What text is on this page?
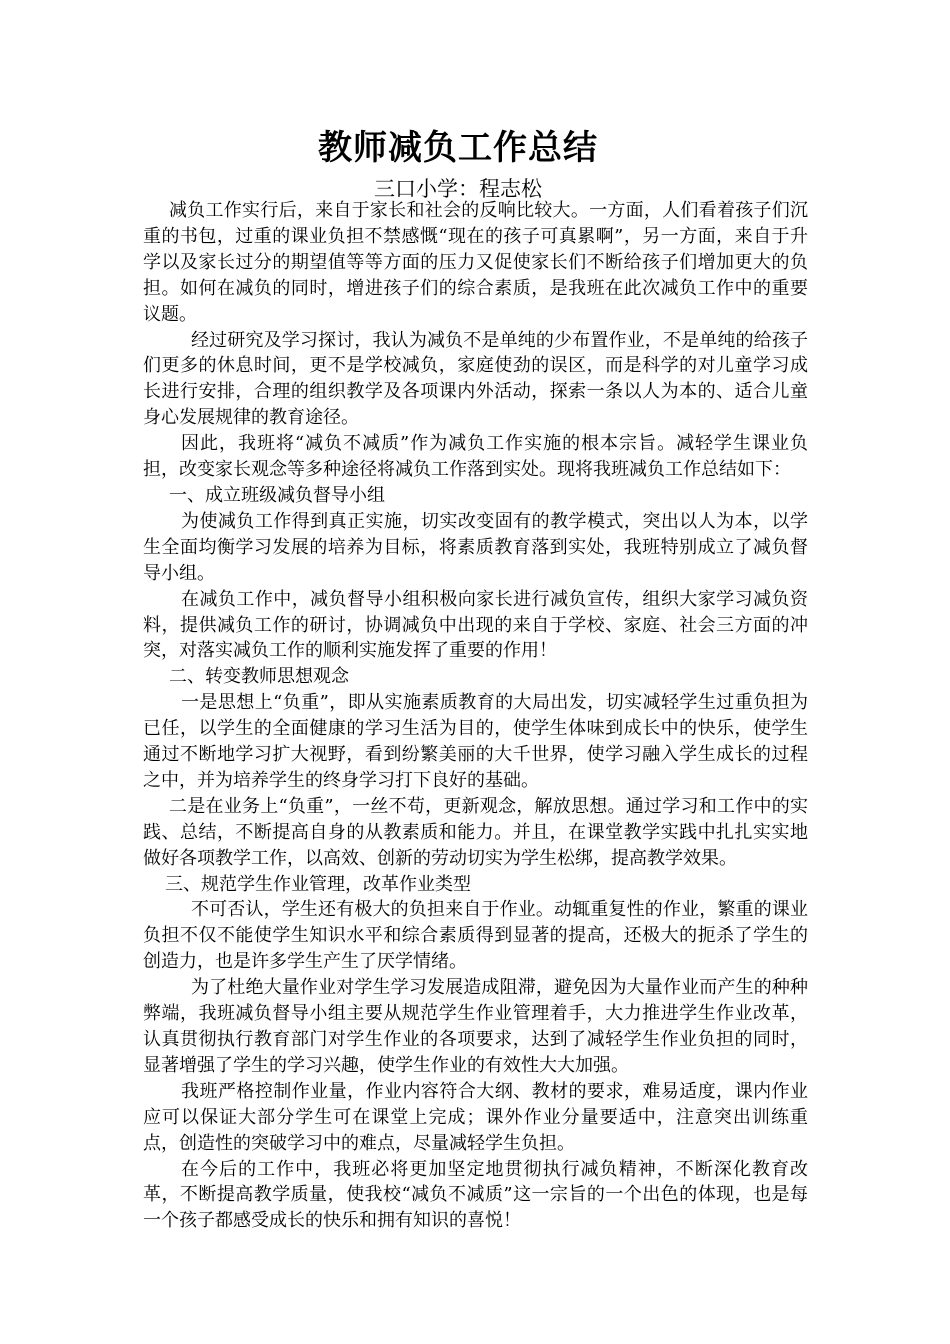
教师减负工作总结
三口小学：程志松

减负工作实行后，来自于家长和社会的反响比较大。一方面，人们看着孩子们沉重的书包，过重的课业负担不禁感慨“现在的孩子可真累啊”，另一方面，来自于升学以及家长过分的期望值等等方面的压力又促使家长们不断给孩子们增加更大的负担。如何在减负的同时，增进孩子们的综合素质，是我班在此次减负工作中的重要议题。

经过研究及学习探讨，我认为减负不是单纯的少布置作业，不是单纯的给孩子们更多的休息时间，更不是学校减负，家庭使劲的误区，而是科学的对儿童学习成长进行安排，合理的组织教学及各项课内外活动，探索一条以人为本的、适合儿童身心发展规律的教育途径。

因此，我班将“减负不减质”作为减负工作实施的根本宗旨。减轻学生课业负担，改变家长观念等多种途径将减负工作落到实处。现将我班减负工作总结如下：

一、成立班级减负督导小组

为使减负工作得到真正实施，切实改变固有的教学模式，突出以人为本，以学生全面均衡学习发展的培养为目标，将素质教育落到实处，我班特别成立了减负督导小组。

在减负工作中，减负督导小组积极向家长进行减负宣传，组织大家学习减负资料，提供减负工作的研讨，协调减负中出现的来自于学校、家庭、社会三方面的冲突，对落实减负工作的顺利实施发挥了重要的作用！

二、转变教师思想观念

一是思想上“负重”，即从实施素质教育的大局出发，切实减轻学生过重负担为已任，以学生的全面健康的学习生活为目的，使学生体味到成长中的快乐，使学生通过不断地学习扩大视野，看到纷繁美丽的大千世界，使学习融入学生成长的过程之中，并为培养学生的终身学习打下良好的基础。

二是在业务上“负重”，一丝不苟，更新观念，解放思想。通过学习和工作中的实践、总结，不断提高自身的从教素质和能力。并且，在课堂教学实践中扎扎实实地做好各项教学工作，以高效、创新的劳动切实为学生松绑，提高教学效果。

三、规范学生作业管理，改革作业类型

不可否认，学生还有极大的负担来自于作业。动辄重复性的作业，繁重的课业负担不仅不能使学生知识水平和综合素质得到显著的提高，还极大的扼杀了学生的创造力，也是许多学生产生了厌学情绪。

为了杜绝大量作业对学生学习发展造成阻滞，避免因为大量作业而产生的种种弊端，我班减负督导小组主要从规范学生作业管理着手，大力推进学生作业改革，认真贯彻执行教育部门对学生作业的各项要求，达到了减轻学生作业负担的同时，显著增强了学生的学习兴趣，使学生作业的有效性大大加强。

我班严格控制作业量，作业内容符合大纲、教材的要求，难易适度，课内作业应可以保证大部分学生可在课堂上完成；课外作业分量要适中，注意突出训练重点，创造性的突破学习中的难点，尽量减轻学生负担。

在今后的工作中，我班必将更加坚定地贯彻执行减负精神，不断深化教育改革，不断提高教学质量，使我校“减负不减质”这一宗旨的一个出色的体现，也是每一个孩子都感受成长的快乐和拥有知识的喜悦！
